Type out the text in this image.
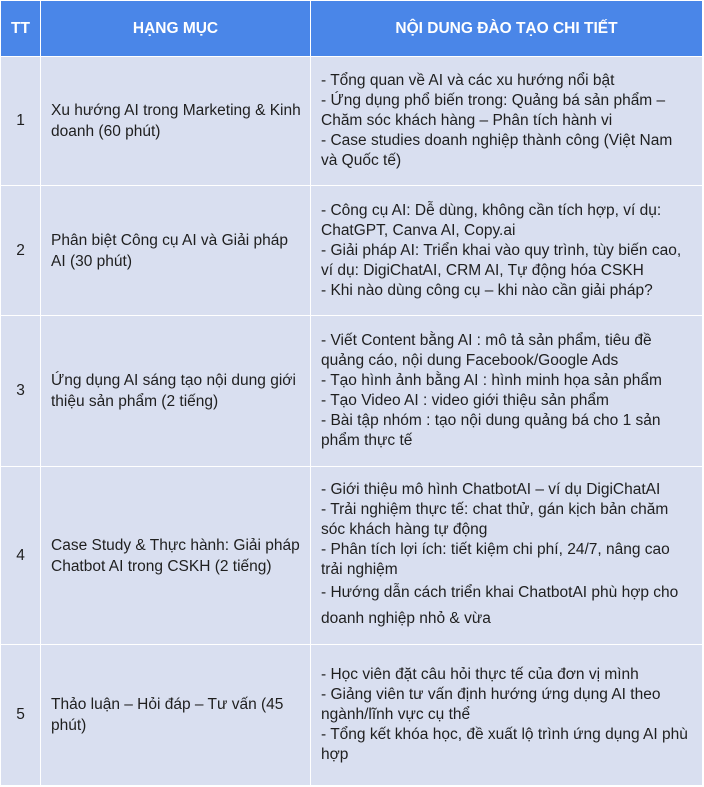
TT	HẠNG MỤC	NỘI DUNG ĐÀO TẠO CHI TIẾT
1	Xu hướng AI trong Marketing & Kinh doanh (60 phút)	- Tổng quan về AI và các xu hướng nổi bật
- Ứng dụng phổ biến trong: Quảng bá sản phẩm – Chăm sóc khách hàng – Phân tích hành vi
- Case studies doanh nghiệp thành công (Việt Nam và Quốc tế)

2	Phân biệt Công cụ AI và Giải pháp AI (30 phút)	- Công cụ AI: Dễ dùng, không cần tích hợp, ví dụ: ChatGPT, Canva AI, Copy.ai
- Giải pháp AI: Triển khai vào quy trình, tùy biến cao, ví dụ: DigiChatAI, CRM AI, Tự động hóa CSKH
- Khi nào dùng công cụ – khi nào cần giải pháp?

3	Ứng dụng AI sáng tạo nội dung giới thiệu sản phẩm (2 tiếng)	- Viết Content bằng AI : mô tả sản phẩm, tiêu đề quảng cáo, nội dung Facebook/Google Ads
- Tạo hình ảnh bằng AI : hình minh họa sản phẩm
- Tạo Video AI : video giới thiệu sản phẩm
- Bài tập nhóm : tạo nội dung quảng bá cho 1 sản phẩm thực tế

4	Case Study & Thực hành: Giải pháp Chatbot AI trong CSKH (2 tiếng)	- Giới thiệu mô hình ChatbotAI – ví dụ DigiChatAI
- Trải nghiệm thực tế: chat thử, gán kịch bản chăm sóc khách hàng tự động
- Phân tích lợi ích: tiết kiệm chi phí, 24/7, nâng cao trải nghiệm
- Hướng dẫn cách triển khai ChatbotAI phù hợp cho doanh nghiệp nhỏ & vừa

5	Thảo luận – Hỏi đáp – Tư vấn (45 phút)	- Học viên đặt câu hỏi thực tế của đơn vị mình
- Giảng viên tư vấn định hướng ứng dụng AI theo ngành/lĩnh vực cụ thể
- Tổng kết khóa học, đề xuất lộ trình ứng dụng AI phù hợp
